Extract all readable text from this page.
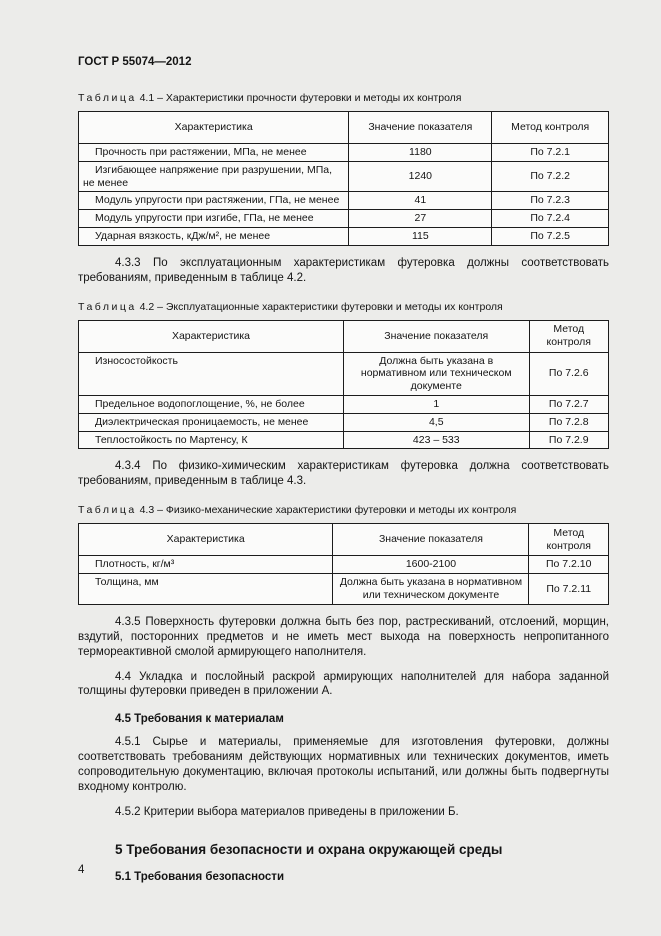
ГОСТ Р 55074—2012

Таблица 4.1 – Характеристики прочности футеровки и методы их контроля

Характеристика	Значение показателя	Метод контроля
Прочность при растяжении, МПа, не менее	1180	По 7.2.1
Изгибающее напряжение при разрушении, МПа, не менее	1240	По 7.2.2
Модуль упругости при растяжении, ГПа, не менее	41	По 7.2.3
Модуль упругости при изгибе, ГПа, не менее	27	По 7.2.4
Ударная вязкость, кДж/м², не менее	115	По 7.2.5

4.3.3 По эксплуатационным характеристикам футеровка должны соответствовать требованиям, приведенным в таблице 4.2.

Таблица 4.2 – Эксплуатационные характеристики футеровки и методы их контроля

Характеристика	Значение показателя	Метод контроля
Износостойкость	Должна быть указана в нормативном или техническом документе	По 7.2.6
Предельное водопоглощение, %, не более	1	По 7.2.7
Диэлектрическая проницаемость, не менее	4,5	По 7.2.8
Теплостойкость по Мартенсу, К	423 – 533	По 7.2.9

4.3.4 По физико-химическим характеристикам футеровка должна соответствовать требованиям, приведенным в таблице 4.3.

Таблица 4.3 – Физико-механические характеристики футеровки и методы их контроля

Характеристика	Значение показателя	Метод контроля
Плотность, кг/м³	1600-2100	По 7.2.10
Толщина, мм	Должна быть указана в нормативном или техническом документе	По 7.2.11

4.3.5 Поверхность футеровки должна быть без пор, растрескиваний, отслоений, морщин, вздутий, посторонних предметов и не иметь мест выхода на поверхность непропитанного термореактивной смолой армирующего наполнителя.

4.4 Укладка и послойный раскрой армирующих наполнителей для набора заданной толщины футеровки приведен в приложении А.

4.5 Требования к материалам

4.5.1 Сырье и материалы, применяемые для изготовления футеровки, должны соответствовать требованиям действующих нормативных или технических документов, иметь сопроводительную документацию, включая протоколы испытаний, или должны быть подвергнуты входному контролю.

4.5.2 Критерии выбора материалов приведены в приложении Б.

5 Требования безопасности и охрана окружающей среды
5.1 Требования безопасности
4
